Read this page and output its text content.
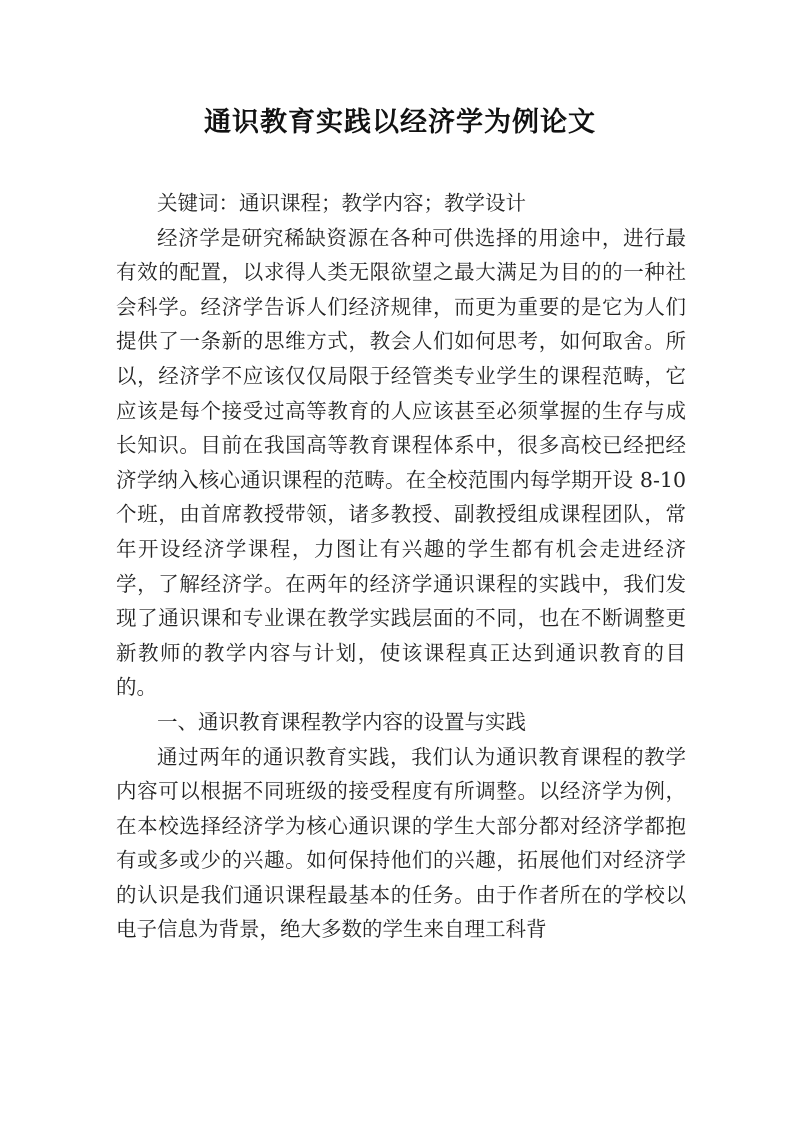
通识教育实践以经济学为例论文

关键词：通识课程；教学内容；教学设计

经济学是研究稀缺资源在各种可供选择的用途中，进行最有效的配置，以求得人类无限欲望之最大满足为目的的一种社会科学。经济学告诉人们经济规律，而更为重要的是它为人们提供了一条新的思维方式，教会人们如何思考，如何取舍。所以，经济学不应该仅仅局限于经管类专业学生的课程范畴，它应该是每个接受过高等教育的人应该甚至必须掌握的生存与成长知识。目前在我国高等教育课程体系中，很多高校已经把经济学纳入核心通识课程的范畴。在全校范围内每学期开设 8-10 个班，由首席教授带领，诸多教授、副教授组成课程团队，常年开设经济学课程，力图让有兴趣的学生都有机会走进经济学，了解经济学。在两年的经济学通识课程的实践中，我们发现了通识课和专业课在教学实践层面的不同，也在不断调整更新教师的教学内容与计划，使该课程真正达到通识教育的目的。

一、通识教育课程教学内容的设置与实践

通过两年的通识教育实践，我们认为通识教育课程的教学内容可以根据不同班级的接受程度有所调整。以经济学为例，在本校选择经济学为核心通识课的学生大部分都对经济学都抱有或多或少的兴趣。如何保持他们的兴趣，拓展他们对经济学的认识是我们通识课程最基本的任务。由于作者所在的学校以电子信息为背景，绝大多数的学生来自理工科背
